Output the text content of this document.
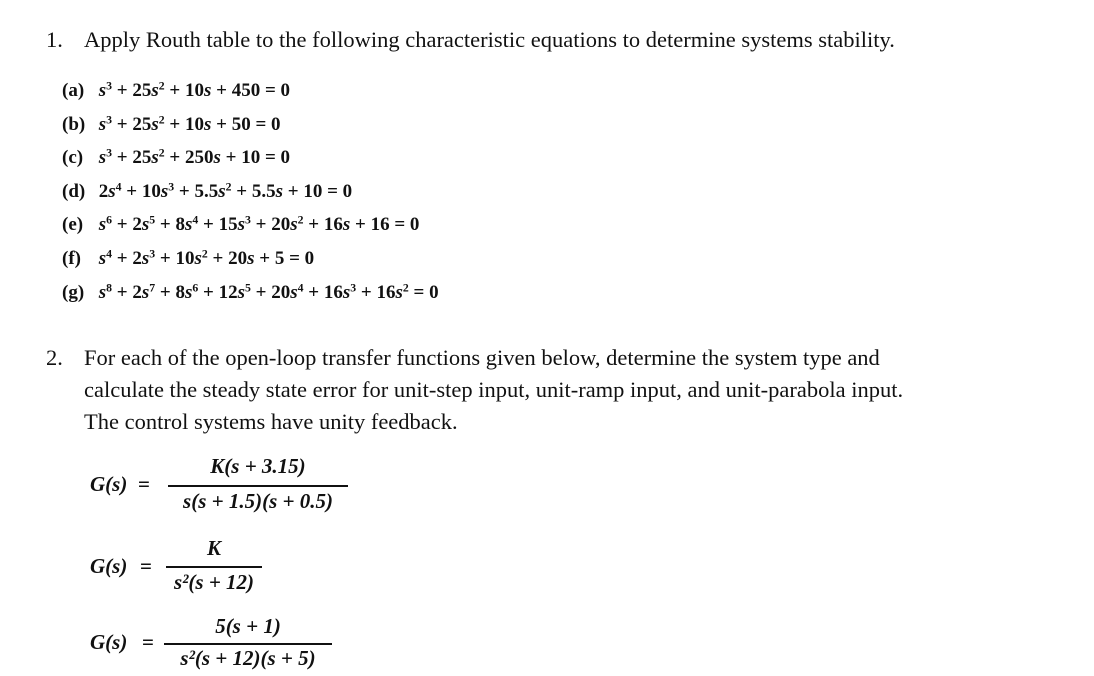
1. Apply Routh table to the following characteristic equations to determine systems stability.
(a) $s^3 + 25s^2 + 10s + 450 = 0$
(b) $s^3 + 25s^2 + 10s + 50 = 0$
(c) $s^3 + 25s^2 + 250s + 10 = 0$
(d) $2s^4 + 10s^3 + 5.5s^2 + 5.5s + 10 = 0$
(e) $s^6 + 2s^5 + 8s^4 + 15s^3 + 20s^2 + 16s + 16 = 0$
(f) $s^4 + 2s^3 + 10s^2 + 20s + 5 = 0$
(g) $s^8 + 2s^7 + 8s^6 + 12s^5 + 20s^4 + 16s^3 + 16s^2 = 0$
2. For each of the open-loop transfer functions given below, determine the system type and
calculate the steady state error for unit-step input, unit-ramp input, and unit-parabola input.
The control systems have unity feedback.
G(s) =
K(s + 3.15)
s(s + 1.5)(s + 0.5)
G(s) =
K
s²(s + 12)
G(s) =
5(s + 1)
s²(s + 12)(s + 5)
